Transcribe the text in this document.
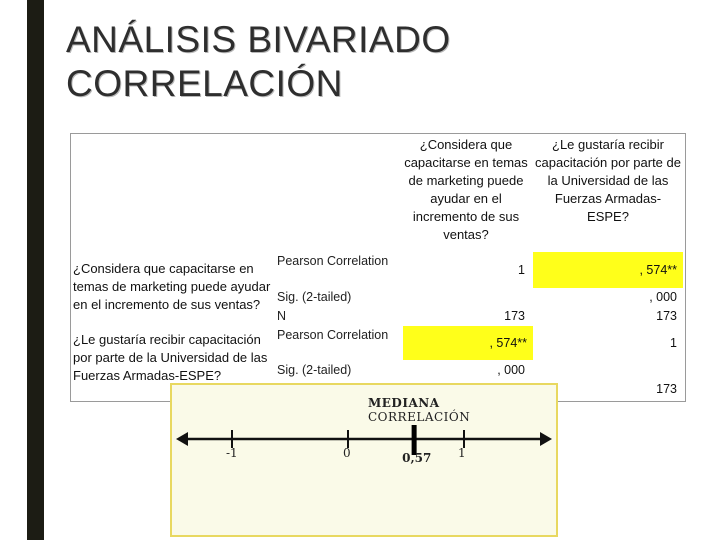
ANÁLISIS BIVARIADO
CORRELACIÓN
¿Considera que capacitarse en temas de marketing puede ayudar en el incremento de sus ventas?
¿Le gustaría recibir capacitación por parte de la Universidad de las Fuerzas Armadas-ESPE?
¿Considera que capacitarse en temas de marketing puede ayudar en el incremento de sus ventas?
Pearson Correlation
Sig. (2-tailed)
N
1
173
, 574**
, 000
173
¿Le gustaría recibir capacitación por parte de la Universidad de las Fuerzas Armadas-ESPE?
Pearson Correlation
Sig. (2-tailed)
, 574**
, 000
1
173
MEDIANA
CORRELACIÓN
-1	0	1
0,57
